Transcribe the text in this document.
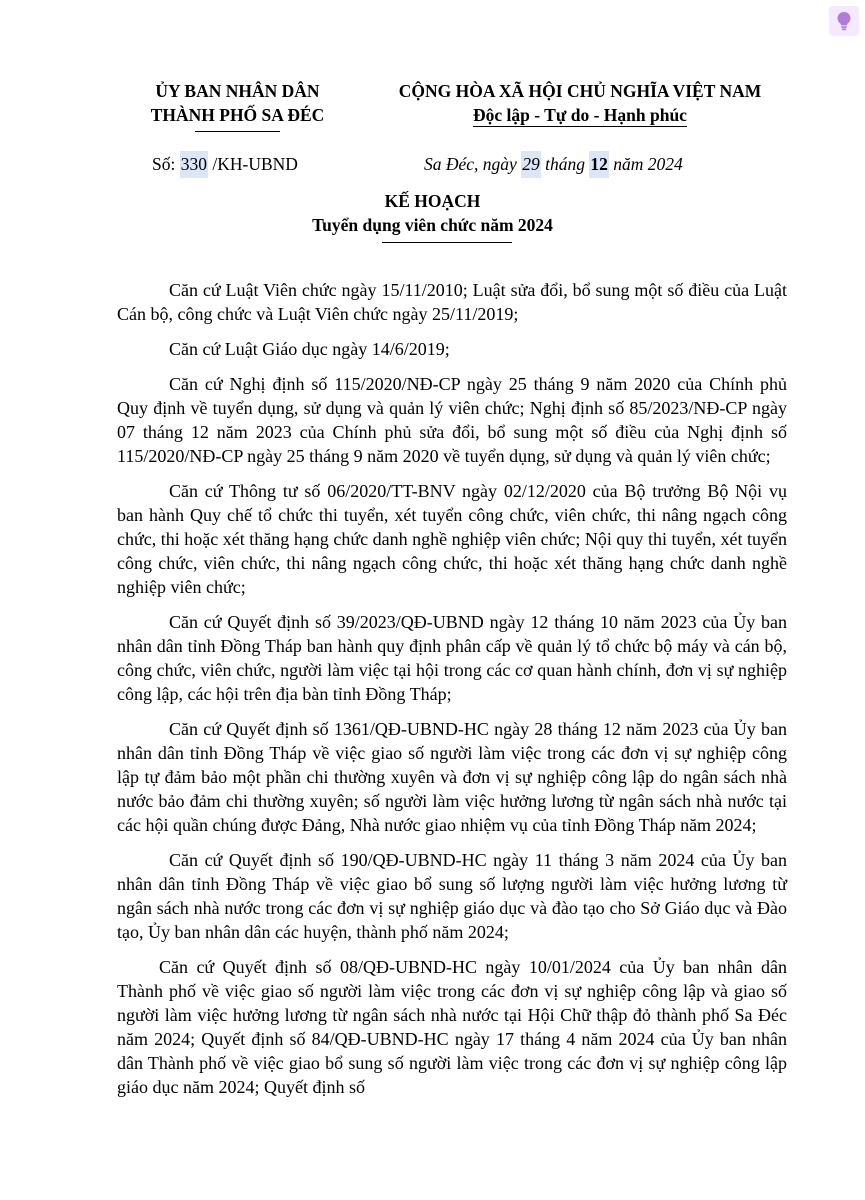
ỦY BAN NHÂN DÂN
THÀNH PHỐ SA ĐÉC
CỘNG HÒA XÃ HỘI CHỦ NGHĨA VIỆT NAM
Độc lập - Tự do - Hạnh phúc
Số: 330 /KH-UBND	Sa Đéc, ngày 29 tháng 12 năm 2024
KẾ HOẠCH
Tuyển dụng viên chức năm 2024

Căn cứ Luật Viên chức ngày 15/11/2010; Luật sửa đổi, bổ sung một số điều của Luật Cán bộ, công chức và Luật Viên chức ngày 25/11/2019;

Căn cứ Luật Giáo dục ngày 14/6/2019;

Căn cứ Nghị định số 115/2020/NĐ-CP ngày 25 tháng 9 năm 2020 của Chính phủ Quy định về tuyển dụng, sử dụng và quản lý viên chức; Nghị định số 85/2023/NĐ-CP ngày 07 tháng 12 năm 2023 của Chính phủ sửa đổi, bổ sung một số điều của Nghị định số 115/2020/NĐ-CP ngày 25 tháng 9 năm 2020 về tuyển dụng, sử dụng và quản lý viên chức;

Căn cứ Thông tư số 06/2020/TT-BNV ngày 02/12/2020 của Bộ trưởng Bộ Nội vụ ban hành Quy chế tổ chức thi tuyển, xét tuyển công chức, viên chức, thi nâng ngạch công chức, thi hoặc xét thăng hạng chức danh nghề nghiệp viên chức; Nội quy thi tuyển, xét tuyển công chức, viên chức, thi nâng ngạch công chức, thi hoặc xét thăng hạng chức danh nghề nghiệp viên chức;

Căn cứ Quyết định số 39/2023/QĐ-UBND ngày 12 tháng 10 năm 2023 của Ủy ban nhân dân tỉnh Đồng Tháp ban hành quy định phân cấp về quản lý tổ chức bộ máy và cán bộ, công chức, viên chức, người làm việc tại hội trong các cơ quan hành chính, đơn vị sự nghiệp công lập, các hội trên địa bàn tỉnh Đồng Tháp;

Căn cứ Quyết định số 1361/QĐ-UBND-HC ngày 28 tháng 12 năm 2023 của Ủy ban nhân dân tỉnh Đồng Tháp về việc giao số người làm việc trong các đơn vị sự nghiệp công lập tự đảm bảo một phần chi thường xuyên và đơn vị sự nghiệp công lập do ngân sách nhà nước bảo đảm chi thường xuyên; số người làm việc hưởng lương từ ngân sách nhà nước tại các hội quần chúng được Đảng, Nhà nước giao nhiệm vụ của tỉnh Đồng Tháp năm 2024;

Căn cứ Quyết định số 190/QĐ-UBND-HC ngày 11 tháng 3 năm 2024 của Ủy ban nhân dân tỉnh Đồng Tháp về việc giao bổ sung số lượng người làm việc hưởng lương từ ngân sách nhà nước trong các đơn vị sự nghiệp giáo dục và đào tạo cho Sở Giáo dục và Đào tạo, Ủy ban nhân dân các huyện, thành phố năm 2024;

Căn cứ Quyết định số 08/QĐ-UBND-HC ngày 10/01/2024 của Ủy ban nhân dân Thành phố về việc giao số người làm việc trong các đơn vị sự nghiệp công lập và giao số người làm việc hưởng lương từ ngân sách nhà nước tại Hội Chữ thập đỏ thành phố Sa Đéc năm 2024; Quyết định số 84/QĐ-UBND-HC ngày 17 tháng 4 năm 2024 của Ủy ban nhân dân Thành phố về việc giao bổ sung số người làm việc trong các đơn vị sự nghiệp công lập giáo dục năm 2024; Quyết định số
